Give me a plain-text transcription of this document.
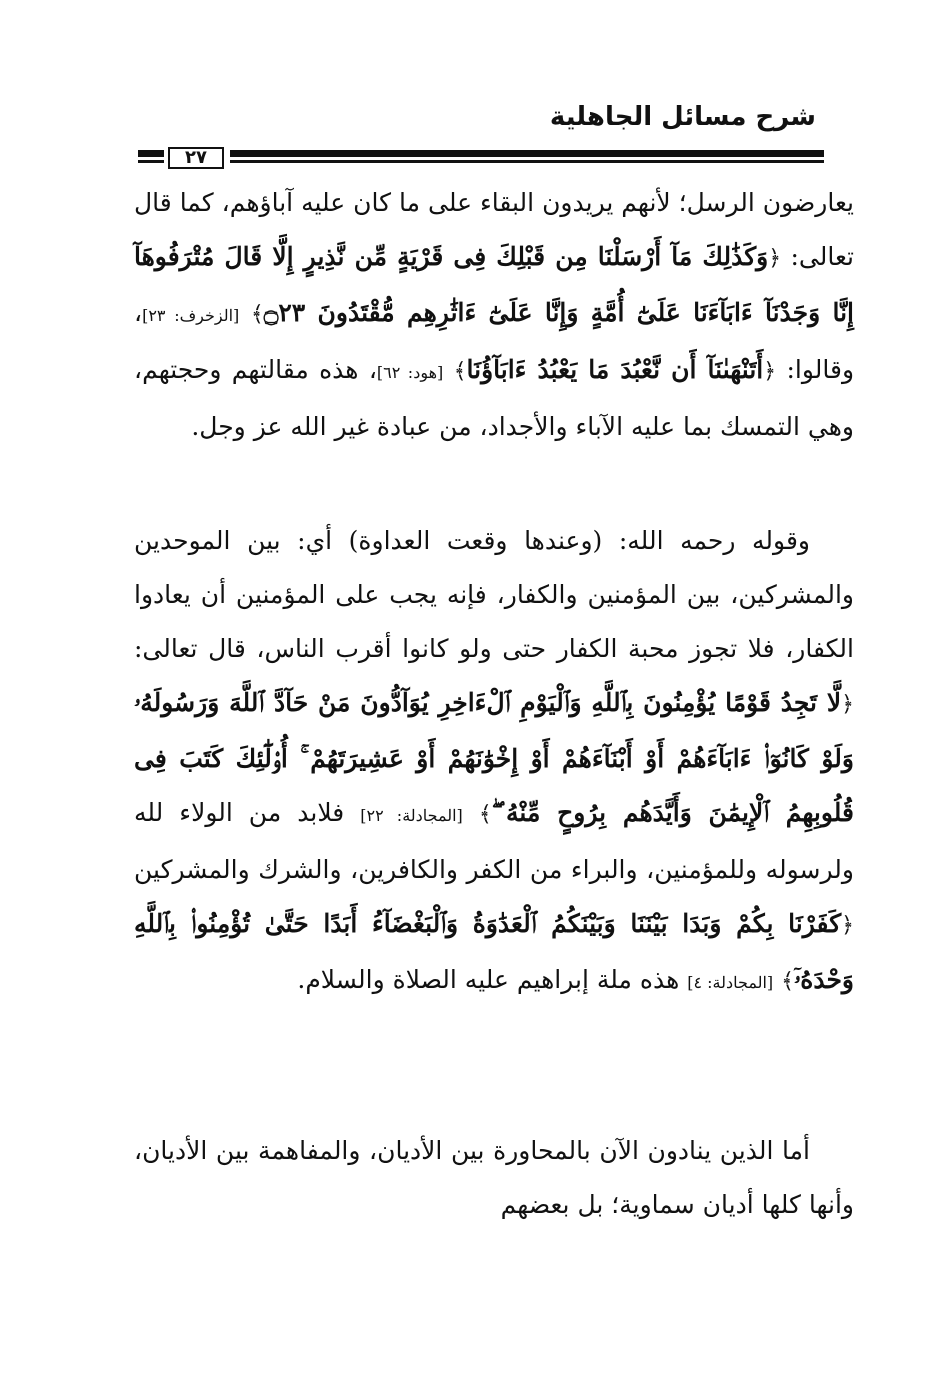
شرح مسائل الجاهلية
٢٧

يعارضون الرسل؛ لأنهم يريدون البقاء على ما كان عليه آباؤهم، كما قال تعالى: ﴿وَكَذَٰلِكَ مَآ أَرْسَلْنَا مِن قَبْلِكَ فِى قَرْيَةٍ مِّن نَّذِيرٍ إِلَّا قَالَ مُتْرَفُوهَآ إِنَّا وَجَدْنَآ ءَابَآءَنَا عَلَىٰٓ أُمَّةٍ وَإِنَّا عَلَىٰٓ ءَاثَٰرِهِم مُّقْتَدُونَ ۝٢٣﴾ [الزخرف: ٢٣]، وقالوا: ﴿أَتَنْهَىٰنَآ أَن نَّعْبُدَ مَا يَعْبُدُ ءَابَآؤُنَا﴾ [هود: ٦٢]، هذه مقالتهم وحجتهم، وهي التمسك بما عليه الآباء والأجداد، من عبادة غير الله عز وجل.

وقوله رحمه الله: (وعندها وقعت العداوة) أي: بين الموحدين والمشركين، بين المؤمنين والكفار، فإنه يجب على المؤمنين أن يعادوا الكفار، فلا تجوز محبة الكفار حتى ولو كانوا أقرب الناس، قال تعالى: ﴿لَّا تَجِدُ قَوْمًا يُؤْمِنُونَ بِٱللَّهِ وَٱلْيَوْمِ ٱلْءَاخِرِ يُوَآدُّونَ مَنْ حَآدَّ ٱللَّهَ وَرَسُولَهُۥ وَلَوْ كَانُوٓا۟ ءَابَآءَهُمْ أَوْ أَبْنَآءَهُمْ أَوْ إِخْوَٰنَهُمْ أَوْ عَشِيرَتَهُمْ ۚ أُو۟لَٰٓئِكَ كَتَبَ فِى قُلُوبِهِمُ ٱلْإِيمَٰنَ وَأَيَّدَهُم بِرُوحٍ مِّنْهُ ۖ﴾ [المجادلة: ٢٢] فلابد من الولاء لله ولرسوله وللمؤمنين، والبراء من الكفر والكافرين، والشرك والمشركين ﴿كَفَرْنَا بِكُمْ وَبَدَا بَيْنَنَا وَبَيْنَكُمُ ٱلْعَدَٰوَةُ وَٱلْبَغْضَآءُ أَبَدًا حَتَّىٰ تُؤْمِنُوا۟ بِٱللَّهِ وَحْدَهُۥٓ﴾ [المجادلة: ٤] هذه ملة إبراهيم عليه الصلاة والسلام.

أما الذين ينادون الآن بالمحاورة بين الأديان، والمفاهمة بين الأديان، وأنها كلها أديان سماوية؛ بل بعضهم
